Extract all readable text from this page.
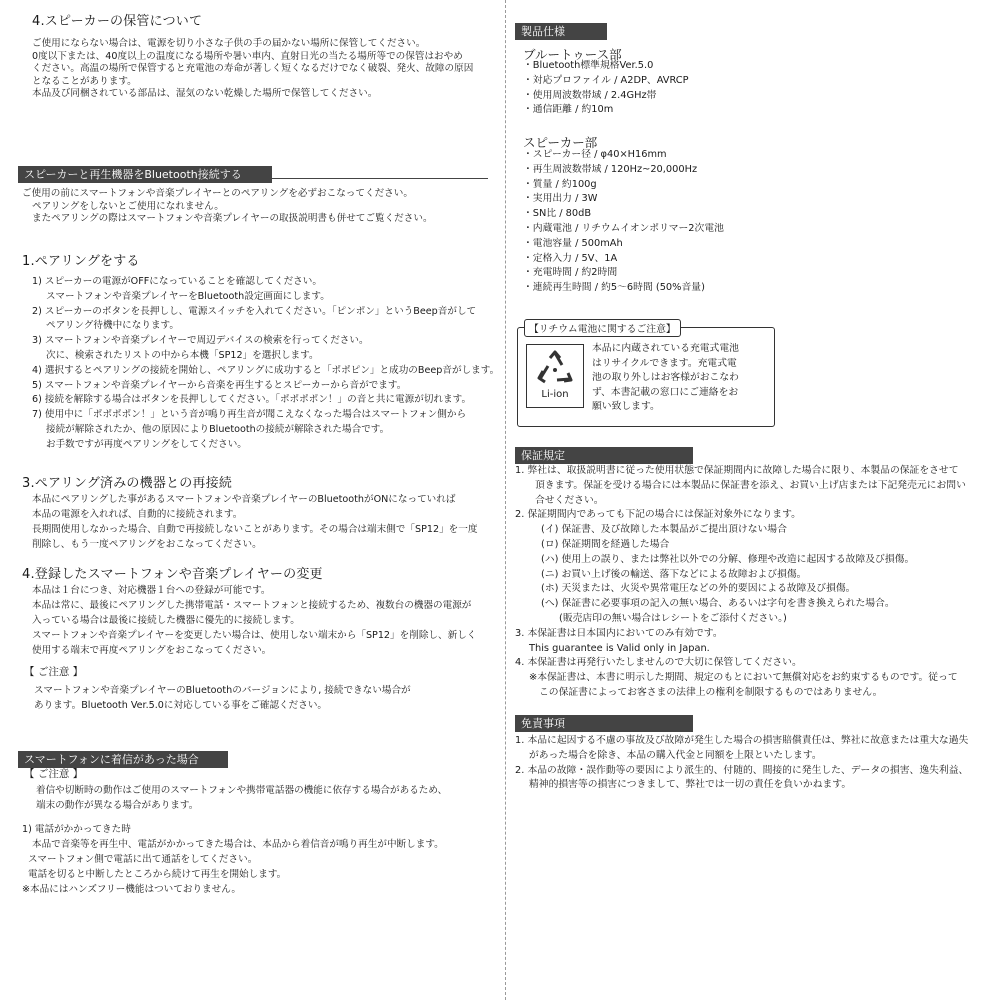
4.スピーカーの保管について
ご使用にならない場合は、電源を切り小さな子供の手の届かない場所に保管してください。
0度以下または、40度以上の温度になる場所や暑い車内、直射日光の当たる場所等での保管はおやめ
ください。高温の場所で保管すると充電池の寿命が著しく短くなるだけでなく破裂、発火、故障の原因
となることがあります。
本品及び同梱されている部品は、湿気のない乾燥した場所で保管してください。
スピーカーと再生機器をBluetooth接続する
ご使用の前にスマートフォンや音楽プレイヤーとのペアリングを必ずおこなってください。
ペアリングをしないとご使用になれません。
またペアリングの際はスマートフォンや音楽プレイヤーの取扱説明書も併せてご覧ください。
1.ペアリングをする
1) スピーカーの電源がOFFになっていることを確認してください。
スマートフォンや音楽プレイヤーをBluetooth設定画面にします。
2) スピーカーのボタンを長押しし、電源スイッチを入れてください。「ピンポン」というBeep音がして
ペアリング待機中になります。
3) スマートフォンや音楽プレイヤーで周辺デバイスの検索を行ってください。
次に、検索されたリストの中から本機「SP12」を選択します。
4) 選択するとペアリングの接続を開始し、ペアリングに成功すると「ポポピン」と成功のBeep音がします。
5) スマートフォンや音楽プレイヤーから音楽を再生するとスピーカーから音がでます。
6) 接続を解除する場合はボタンを長押ししてください。「ポポポポン！」の音と共に電源が切れます。
7) 使用中に「ポポポポン！」という音が鳴り再生音が聞こえなくなった場合はスマートフォン側から
接続が解除されたか、他の原因によりBluetoothの接続が解除された場合です。
お手数ですが再度ペアリングをしてください。
3.ペアリング済みの機器との再接続
本品にペアリングした事があるスマートフォンや音楽プレイヤーのBluetoothがONになっていれば
本品の電源を入れれば、自動的に接続されます。
長期間使用しなかった場合、自動で再接続しないことがあります。その場合は端末側で「SP12」を一度
削除し、もう一度ペアリングをおこなってください。
4.登録したスマートフォンや音楽プレイヤーの変更
本品は１台につき、対応機器１台への登録が可能です。
本品は常に、最後にペアリングした携帯電話・スマートフォンと接続するため、複数台の機器の電源が
入っている場合は最後に接続した機器に優先的に接続します。
スマートフォンや音楽プレイヤーを変更したい場合は、使用しない端末から「SP12」を削除し、新しく
使用する端末で再度ペアリングをおこなってください。
【 ご注意 】
スマートフォンや音楽プレイヤーのBluetoothのバージョンにより, 接続できない場合が
あります。Bluetooth Ver.5.0に対応している事をご確認ください。
スマートフォンに着信があった場合
【 ご注意 】
着信や切断時の動作はご使用のスマートフォンや携帯電話器の機能に依存する場合があるため、
端末の動作が異なる場合があります。
1) 電話がかかってきた時
本品で音楽等を再生中、電話がかかってきた場合は、本品から着信音が鳴り再生が中断します。
スマートフォン側で電話に出て通話をしてください。
電話を切ると中断したところから続けて再生を開始します。
※本品にはハンズフリー機能はついておりません。
製品仕様
ブルートゥース部
・Bluetooth標準規格Ver.5.0
・対応プロファイル / A2DP、AVRCP
・使用周波数帯域 / 2.4GHz帯
・通信距離 / 約10m
スピーカー部
・スピーカー径 / φ40×H16mm
・再生周波数帯域 / 120Hz~20,000Hz
・質量 / 約100g
・実用出力 / 3W
・SN比 / 80dB
・内蔵電池 / リチウムイオンポリマー2次電池
・電池容量 / 500mAh
・定格入力 / 5V、1A
・充電時間 / 約2時間
・連続再生時間 / 約5～6時間 (50%音量)
【リチウム電池に関するご注意】
Li-ion
本品に内蔵されている充電式電池
はリサイクルできます。充電式電
池の取り外しはお客様がおこなわ
ず、本書記載の窓口にご連絡をお
願い致します。
保証規定
1. 弊社は、取扱説明書に従った使用状態で保証期間内に故障した場合に限り、本製品の保証をさせて
頂きます。保証を受ける場合には本製品に保証書を添え、お買い上げ店または下記発売元にお問い
合せください。
2. 保証期間内であっても下記の場合には保証対象外になります。
(イ) 保証書、及び故障した本製品がご提出頂けない場合
(ロ) 保証期間を経過した場合
(ハ) 使用上の誤り、または弊社以外での分解、修理や改造に起因する故障及び損傷。
(ニ) お買い上げ後の輸送、落下などによる故障および損傷。
(ホ) 天災または、火災や異常電圧などの外的要因による故障及び損傷。
(へ) 保証書に必要事項の記入の無い場合、あるいは字句を書き換えられた場合。
(販売店印の無い場合はレシートをご添付ください。)
3. 本保証書は日本国内においてのみ有効です。
This guarantee is Valid only in Japan.
4. 本保証書は再発行いたしませんので大切に保管してください。
※本保証書は、本書に明示した期間、規定のもとにおいて無償対応をお約束するものです。従って
この保証書によってお客さまの法律上の権利を制限するものではありません。
免責事項
1. 本品に起因する不慮の事故及び故障が発生した場合の損害賠償責任は、弊社に故意または重大な過失
があった場合を除き、本品の購入代金と同額を上限といたします。
2. 本品の故障・誤作動等の要因により派生的、付随的、間接的に発生した、データの損害、逸失利益、
精神的損害等の損害につきまして、弊社では一切の責任を負いかねます。
